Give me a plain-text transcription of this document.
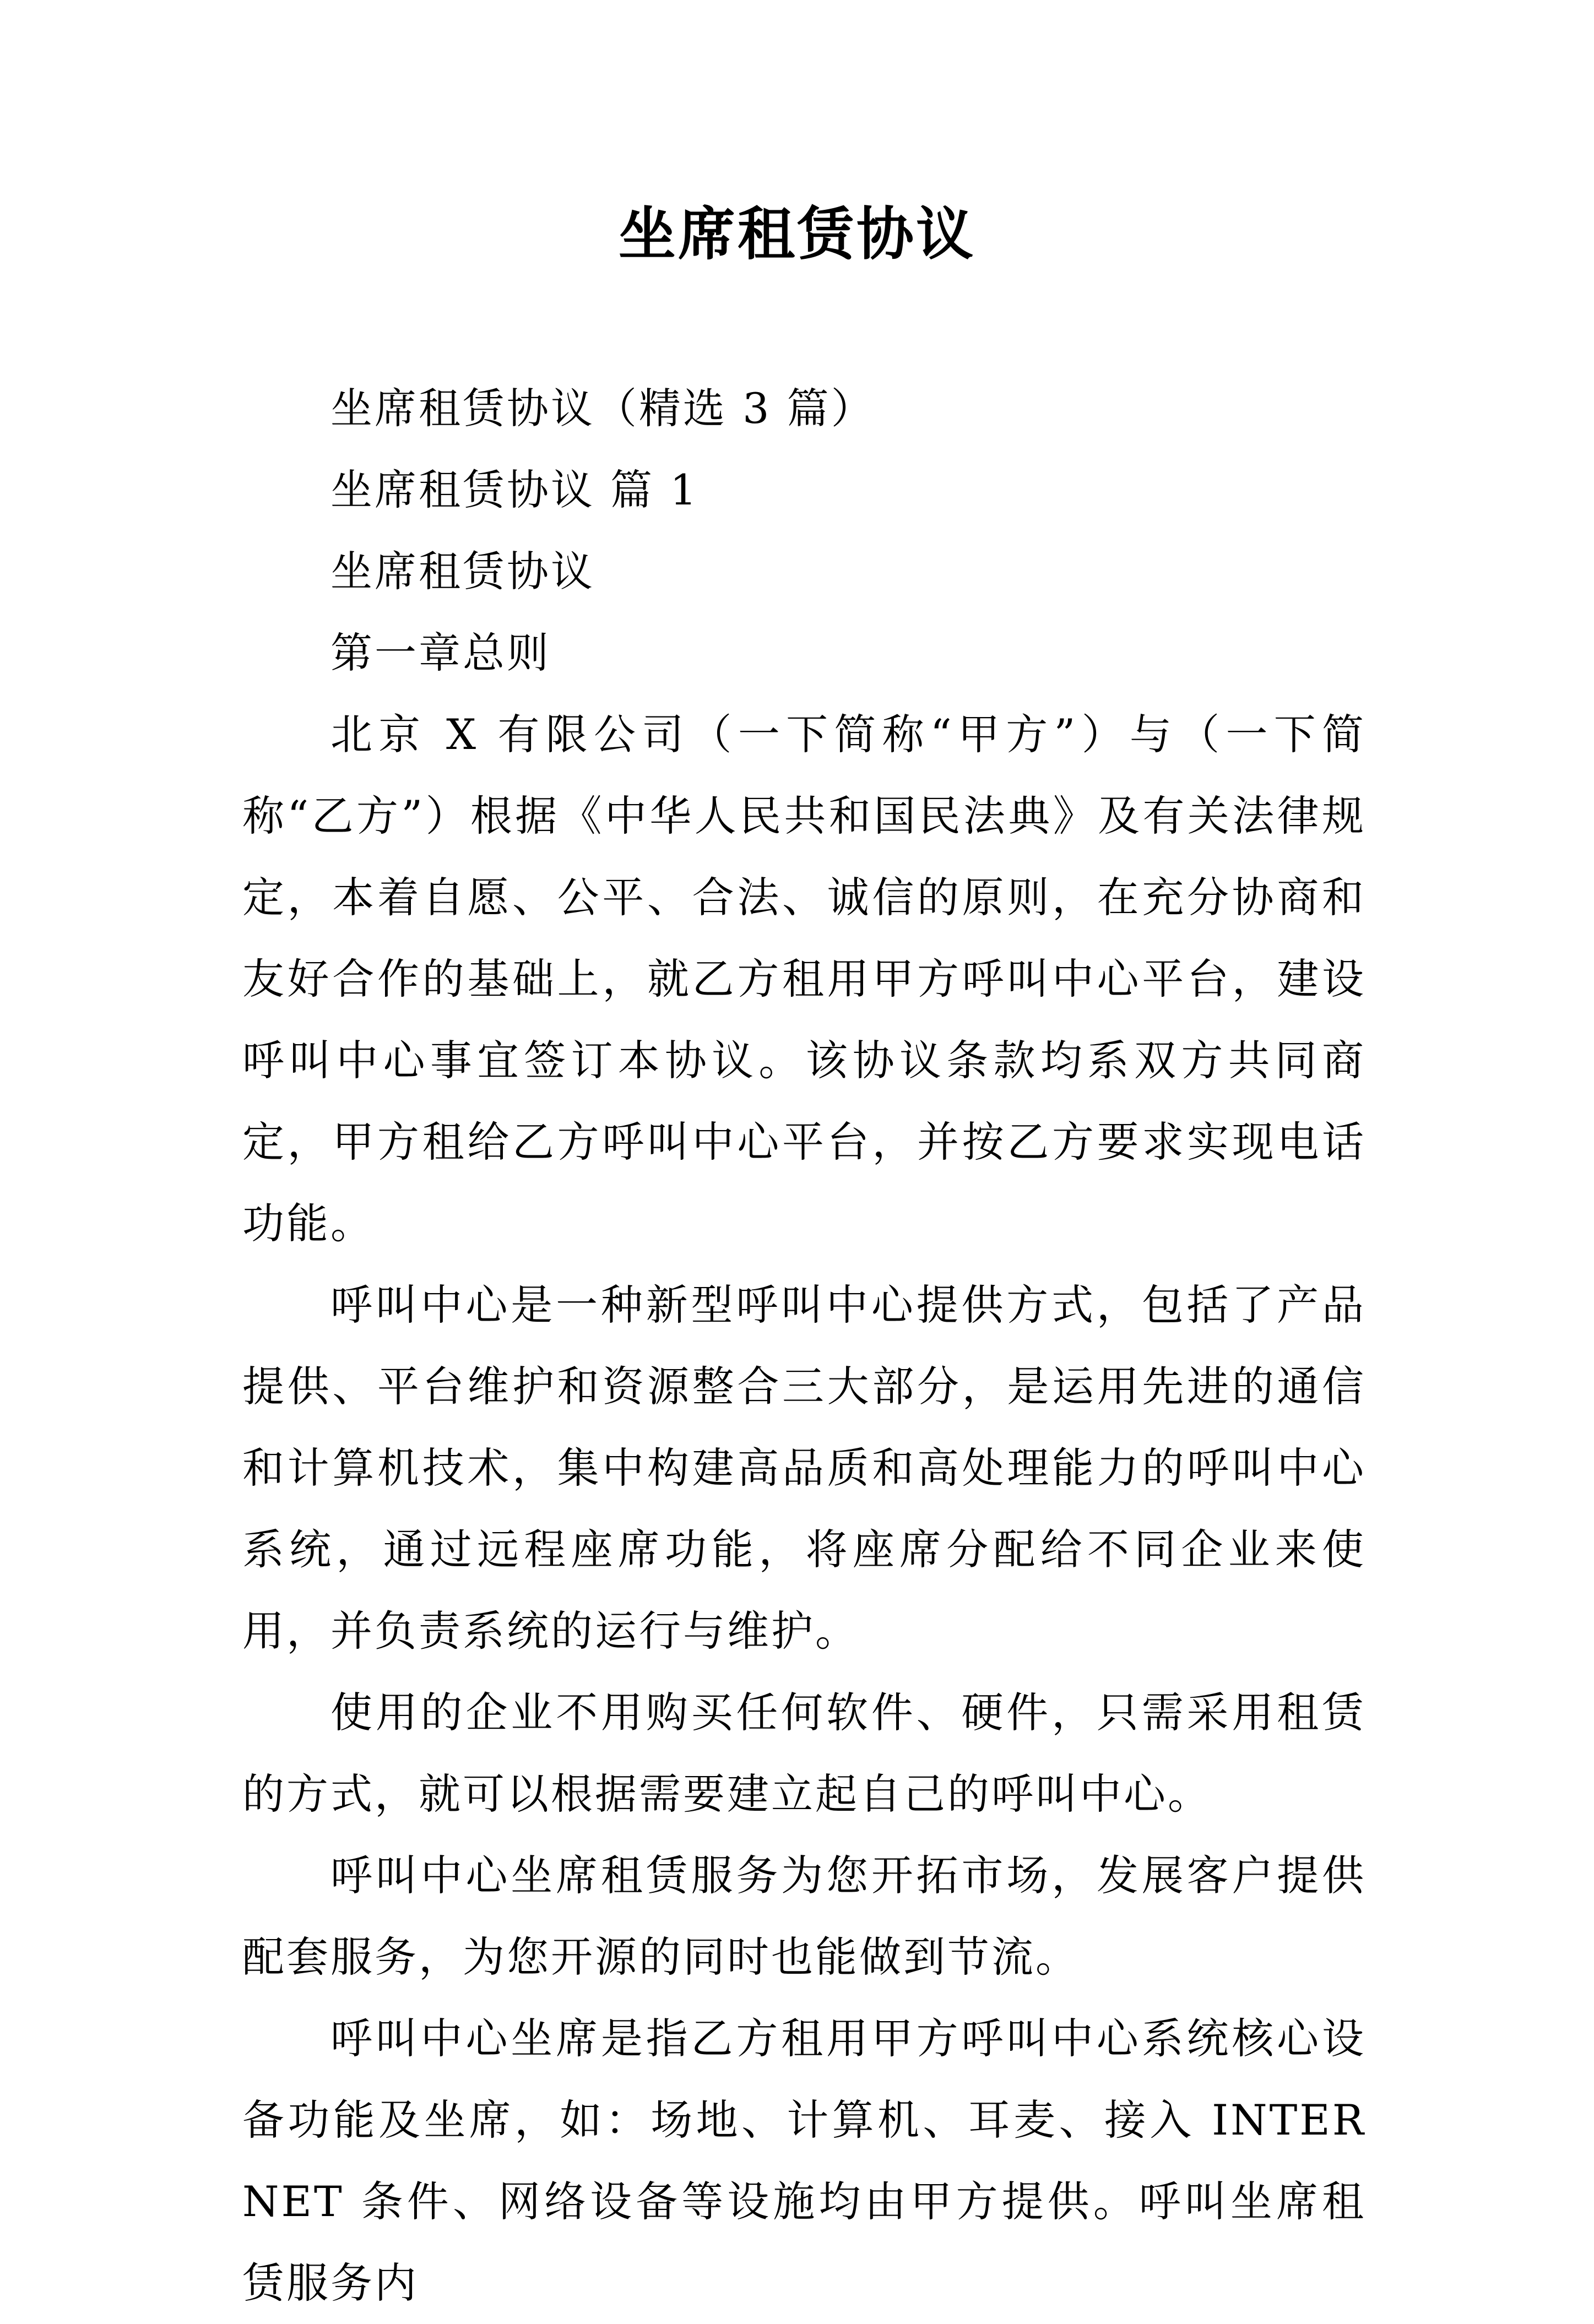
坐席租赁协议

坐席租赁协议（精选 3 篇）

坐席租赁协议 篇 1

坐席租赁协议

第一章总则

北京 X 有限公司（一下简称“甲方”）与（一下简称“乙方”）根据《中华人民共和国民法典》及有关法律规定，本着自愿、公平、合法、诚信的原则，在充分协商和友好合作的基础上，就乙方租用甲方呼叫中心平台，建设呼叫中心事宜签订本协议。该协议条款均系双方共同商定，甲方租给乙方呼叫中心平台，并按乙方要求实现电话功能。

呼叫中心是一种新型呼叫中心提供方式，包括了产品提供、平台维护和资源整合三大部分，是运用先进的通信和计算机技术，集中构建高品质和高处理能力的呼叫中心系统，通过远程座席功能，将座席分配给不同企业来使用，并负责系统的运行与维护。

使用的企业不用购买任何软件、硬件，只需采用租赁的方式，就可以根据需要建立起自己的呼叫中心。

呼叫中心坐席租赁服务为您开拓市场，发展客户提供配套服务，为您开源的同时也能做到节流。

呼叫中心坐席是指乙方租用甲方呼叫中心系统核心设备功能及坐席，如：场地、计算机、耳麦、接入 INTERNET 条件、网络设备等设施均由甲方提供。呼叫坐席租赁服务内
